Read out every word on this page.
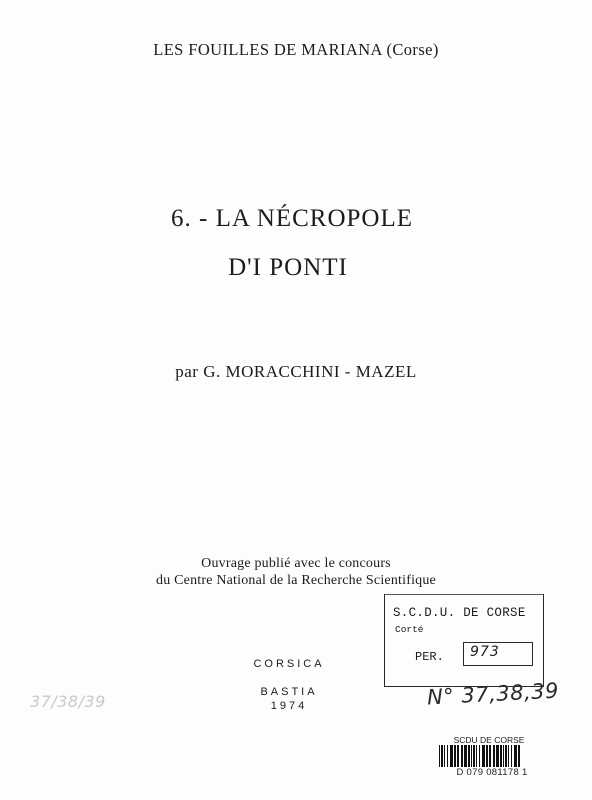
LES FOUILLES DE MARIANA (Corse)
6. - LA NÉCROPOLE
D'I PONTI
par G. MORACCHINI - MAZEL
Ouvrage publié avec le concours
du Centre National de la Recherche Scientifique
CORSICA
BASTIA
1974
S.C.D.U. DE CORSE
Corté
PER. 973
N° 37,38,39
37/38/39
SCDU DE CORSE
D 079 081178 1
